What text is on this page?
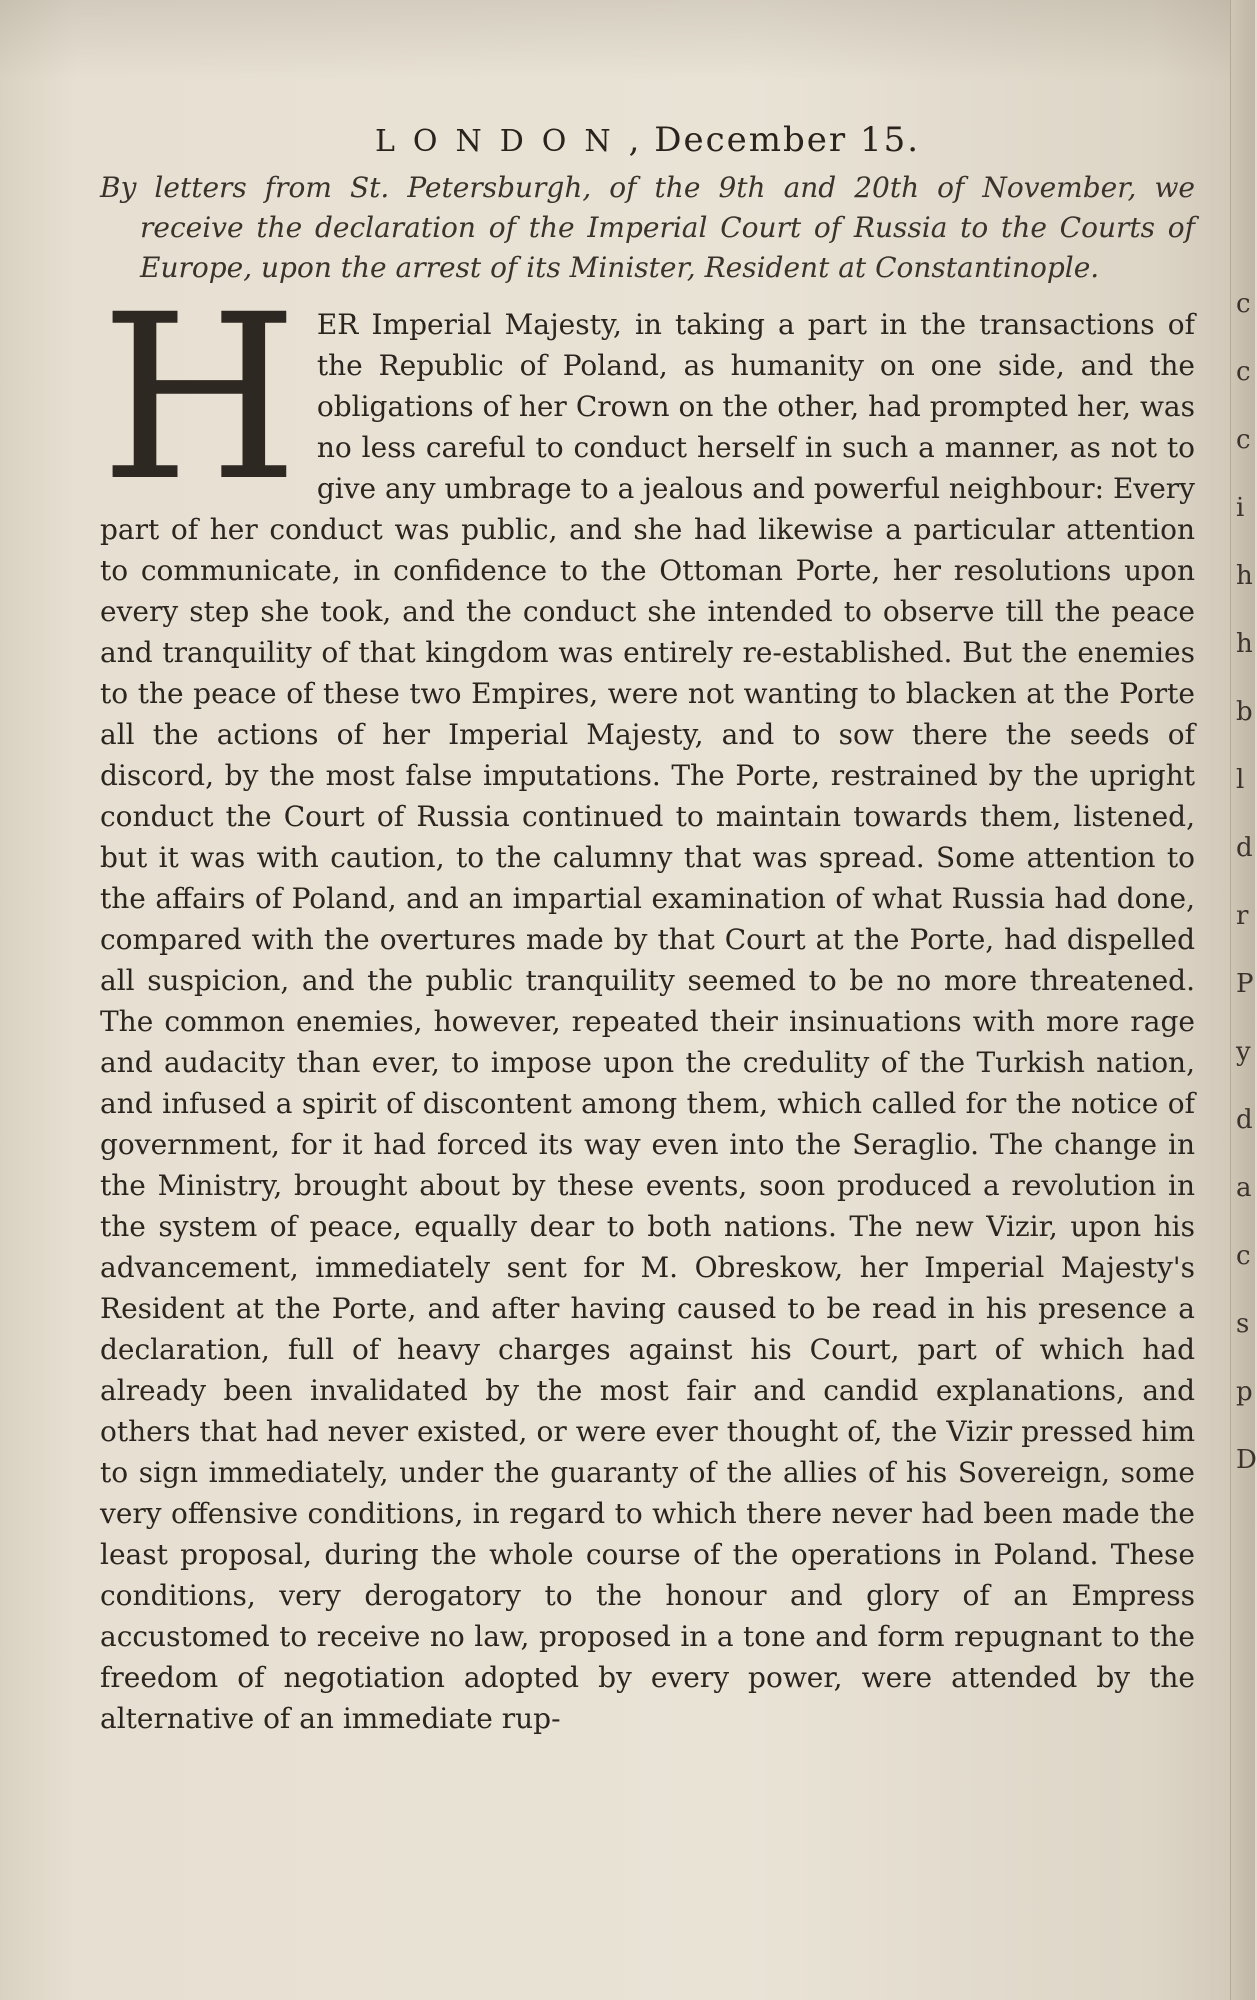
LONDON, December 15.

By letters from St. Petersburgh, of the 9th and 20th of November, we receive the declaration of the Imperial Court of Russia to the Courts of Europe, upon the arrest of its Minister, Resident at Constantinople.

HER Imperial Majesty, in taking a part in the transactions of the Republic of Poland, as humanity on one side, and the obligations of her Crown on the other, had prompted her, was no less careful to conduct herself in such a manner, as not to give any umbrage to a jealous and powerful neighbour: Every part of her conduct was public, and she had likewise a particular attention to communicate, in confidence to the Ottoman Porte, her resolutions upon every step she took, and the conduct she intended to observe till the peace and tranquility of that kingdom was entirely re-established. But the enemies to the peace of these two Empires, were not wanting to blacken at the Porte all the actions of her Imperial Majesty, and to sow there the seeds of discord, by the most false imputations. The Porte, restrained by the upright conduct the Court of Russia continued to maintain towards them, listened, but it was with caution, to the calumny that was spread. Some attention to the affairs of Poland, and an impartial examination of what Russia had done, compared with the overtures made by that Court at the Porte, had dispelled all suspicion, and the public tranquility seemed to be no more threatened. The common enemies, however, repeated their insinuations with more rage and audacity than ever, to impose upon the credulity of the Turkish nation, and infused a spirit of discontent among them, which called for the notice of government, for it had forced its way even into the Seraglio. The change in the Ministry, brought about by these events, soon produced a revolution in the system of peace, equally dear to both nations. The new Vizir, upon his advancement, immediately sent for M. Obreskow, her Imperial Majesty's Resident at the Porte, and after having caused to be read in his presence a declaration, full of heavy charges against his Court, part of which had already been invalidated by the most fair and candid explanations, and others that had never existed, or were ever thought of, the Vizir pressed him to sign immediately, under the guaranty of the allies of his Sovereign, some very offensive conditions, in regard to which there never had been made the least proposal, during the whole course of the operations in Poland. These conditions, very derogatory to the honour and glory of an Empress accustomed to receive no law, proposed in a tone and form repugnant to the freedom of negotiation adopted by every power, were attended by the alternative of an immediate rup-

c
c
c
i
h
h
b
l
d
r
P
y
d
a
c
s
p
D
